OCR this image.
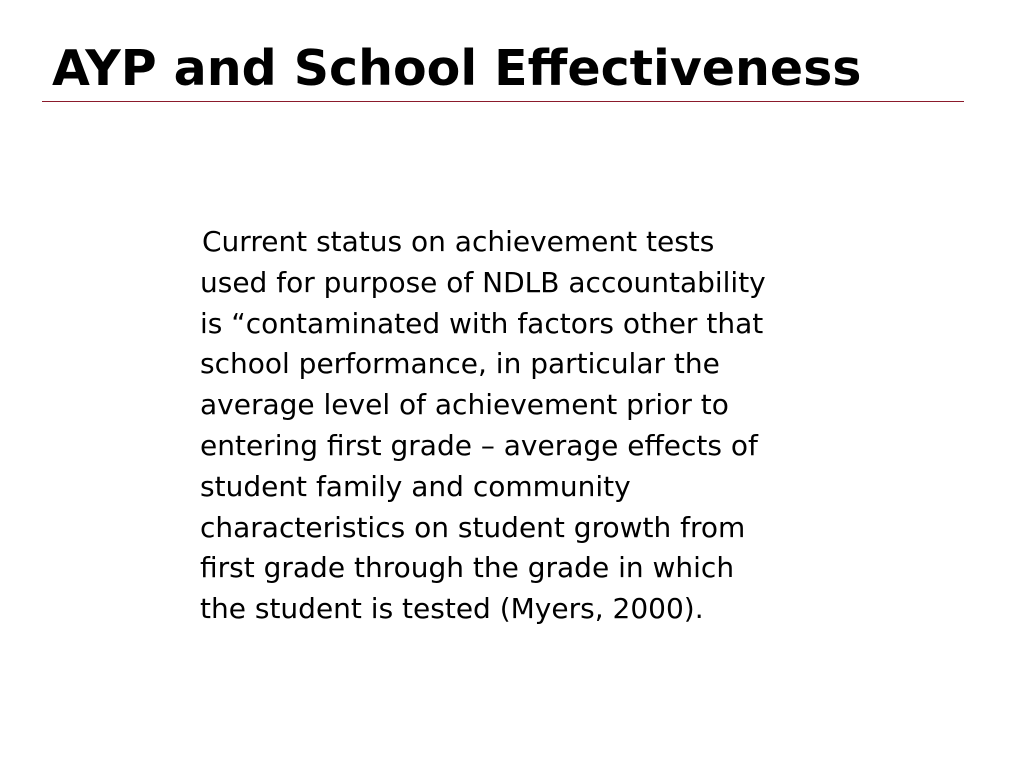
AYP and School Effectiveness

Current status on achievement tests
used for purpose of NDLB accountability
is “contaminated with factors other that
school performance, in particular the
average level of achievement prior to
entering first grade – average effects of
student family and community
characteristics on student growth from
first grade through the grade in which
the student is tested (Myers, 2000).
